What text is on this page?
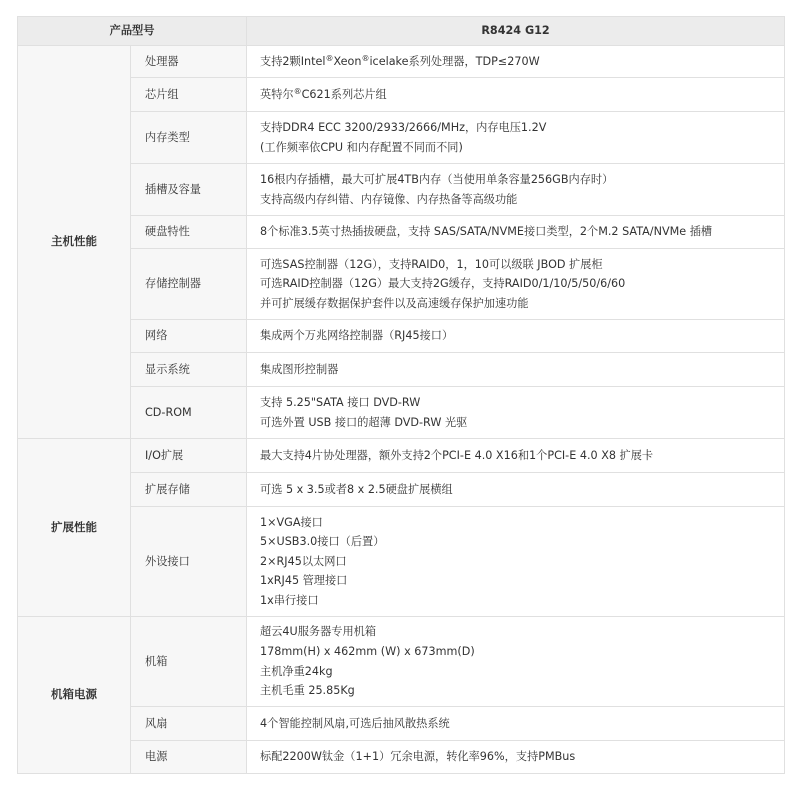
产品型号		R8424 G12
主机性能	处理器	支持2颗Intel®Xeon®icelake系列处理器，TDP≤270W

	芯片组	英特尔®C621系列芯片组

	内存类型	支持DDR4 ECC 3200/2933/2666/MHz，内存电压1.2V
(工作频率依CPU 和内存配置不同而不同)

	插槽及容量	16根内存插槽，最大可扩展4TB内存（当使用单条容量256GB内存时）
支持高级内存纠错、内存镜像、内存热备等高级功能

	硬盘特性	8个标准3.5英寸热插拔硬盘，支持 SAS/SATA/NVME接口类型，2个M.2 SATA/NVMe 插槽

	存储控制器	可选SAS控制器（12G），支持RAID0，1，10可以级联 JBOD 扩展柜
可选RAID控制器（12G）最大支持2G缓存，支持RAID0/1/10/5/50/6/60
并可扩展缓存数据保护套件以及高速缓存保护加速功能

	网络	集成两个万兆网络控制器（RJ45接口）

	显示系统	集成图形控制器

	CD-ROM	支持 5.25"SATA 接口 DVD-RW
可选外置 USB 接口的超薄 DVD-RW 光驱

扩展性能	I/O扩展	最大支持4片协处理器，额外支持2个PCI-E 4.0 X16和1个PCI-E 4.0 X8 扩展卡

	扩展存储	可选 5 x 3.5或者8 x 2.5硬盘扩展横组

	外设接口	1×VGA接口
5×USB3.0接口（后置）
2×RJ45以太网口
1xRJ45 管理接口
1x串行接口

机箱电源	机箱	超云4U服务器专用机箱
178mm(H) x 462mm (W) x 673mm(D)
主机净重24kg
主机毛重 25.85Kg

	风扇	4个智能控制风扇,可选后抽风散热系统

	电源	标配2200W钛金（1+1）冗余电源，转化率96%，支持PMBus
